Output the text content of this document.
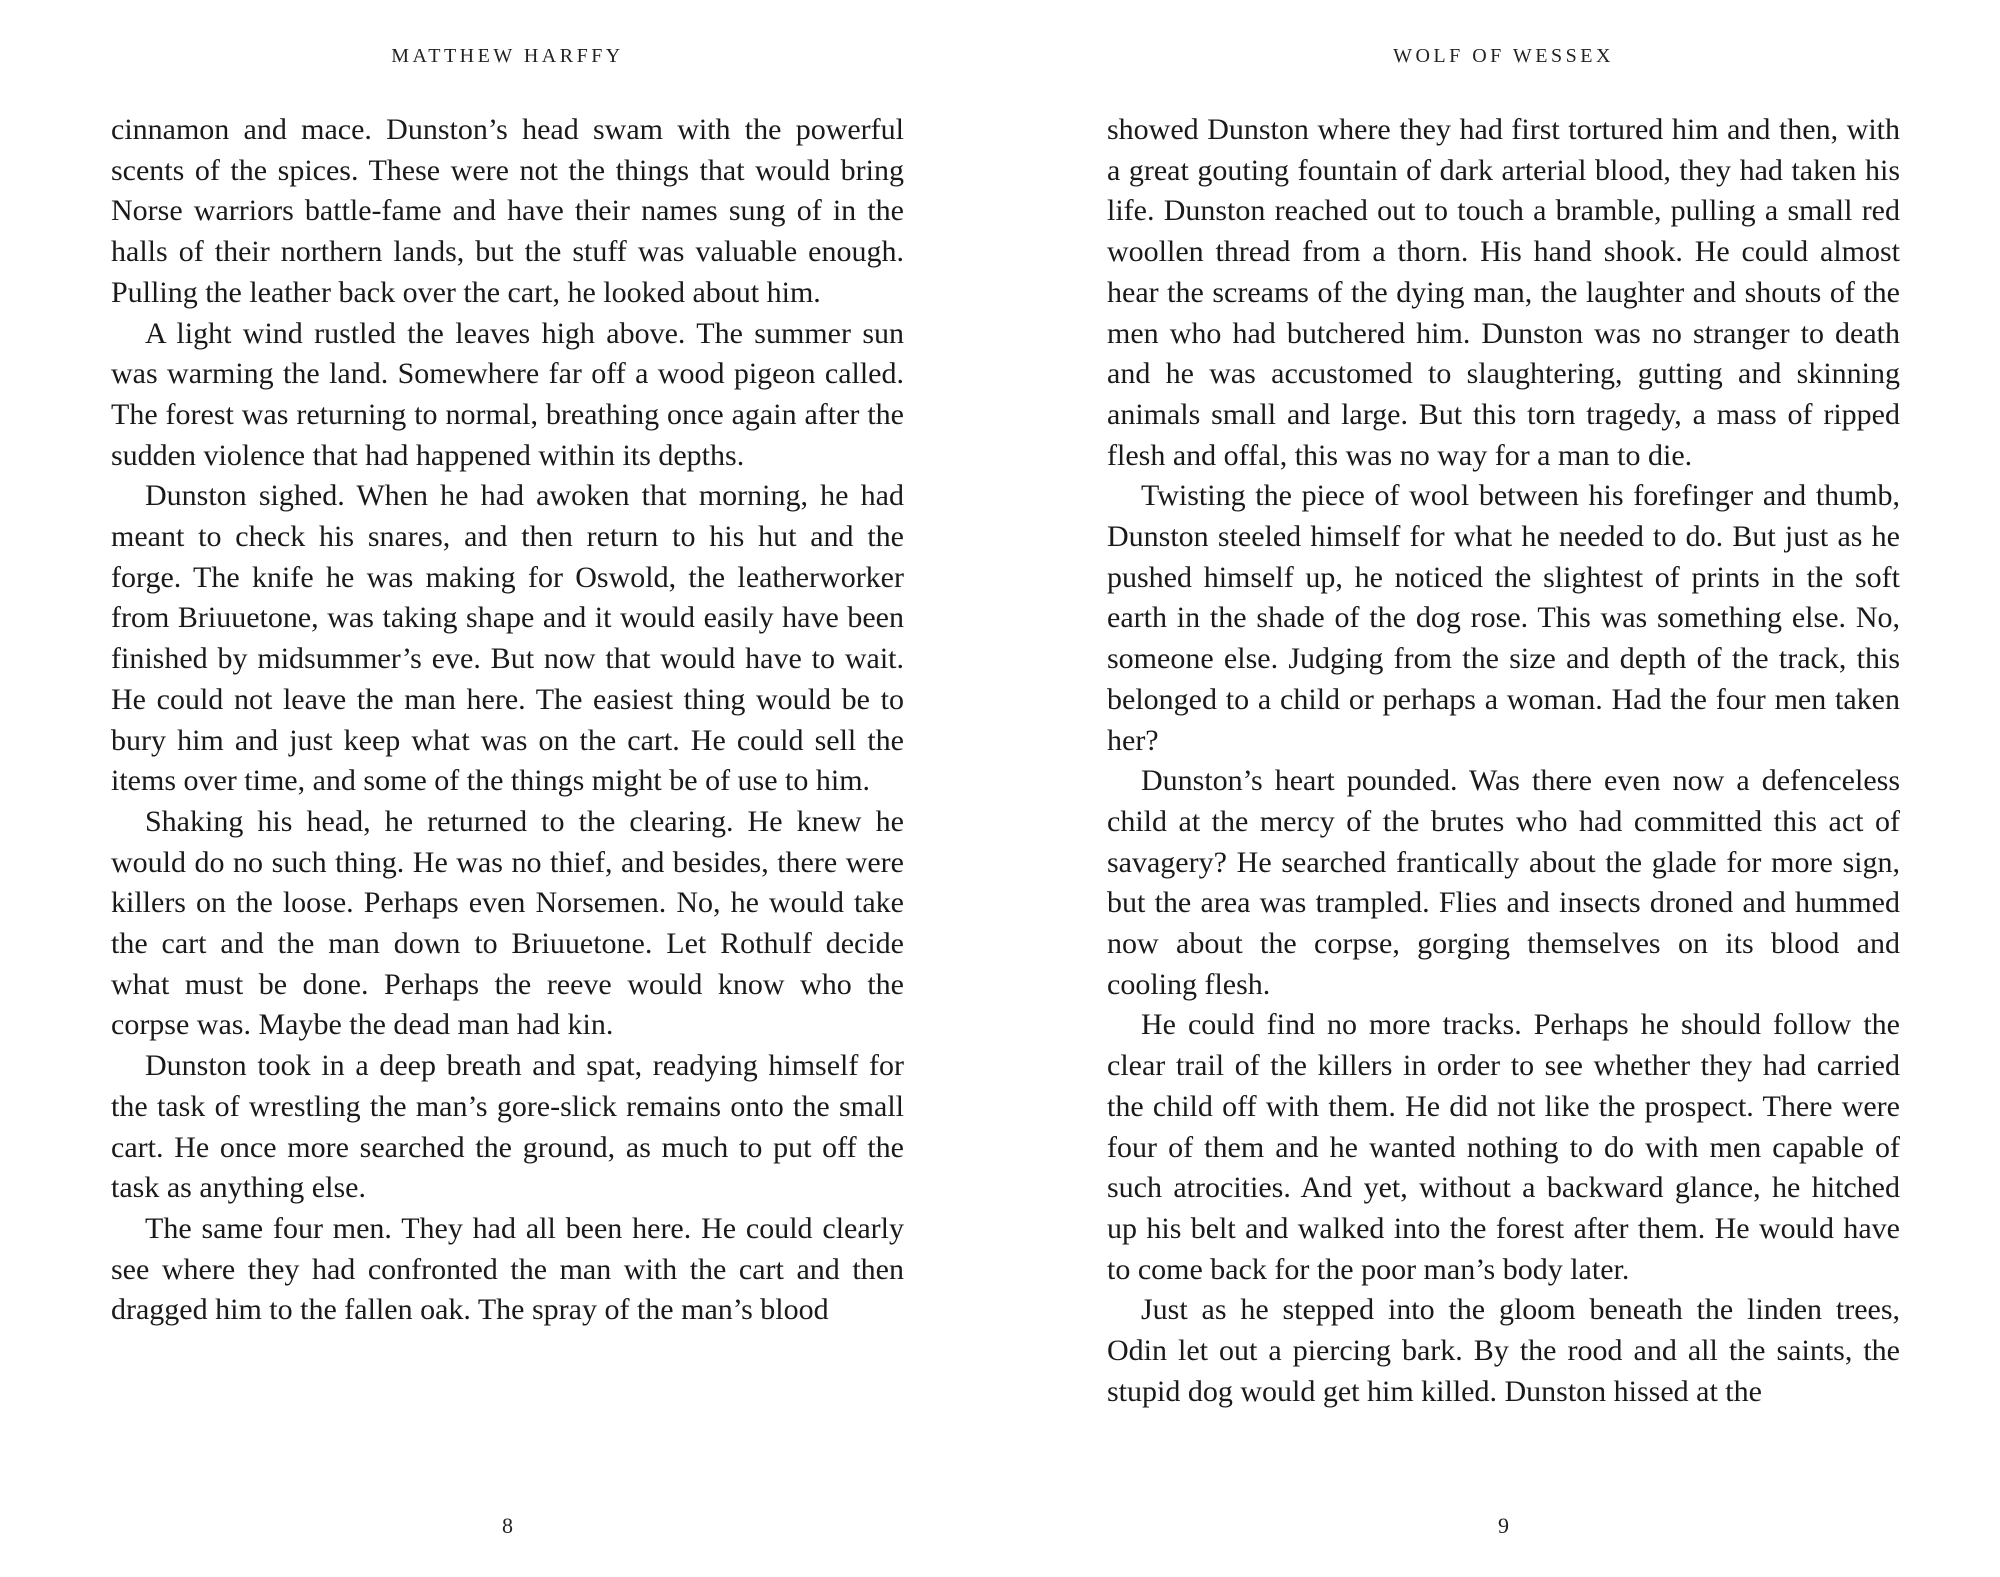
MATTHEW HARFFY

cinnamon and mace. Dunston’s head swam with the powerful scents of the spices. These were not the things that would bring Norse warriors battle-fame and have their names sung of in the halls of their northern lands, but the stuff was valuable enough. Pulling the leather back over the cart, he looked about him.

A light wind rustled the leaves high above. The summer sun was warming the land. Somewhere far off a wood pigeon called. The forest was returning to normal, breathing once again after the sudden violence that had happened within its depths.

Dunston sighed. When he had awoken that morning, he had meant to check his snares, and then return to his hut and the forge. The knife he was making for Oswold, the leatherworker from Briuuetone, was taking shape and it would easily have been finished by midsummer’s eve. But now that would have to wait. He could not leave the man here. The easiest thing would be to bury him and just keep what was on the cart. He could sell the items over time, and some of the things might be of use to him.

Shaking his head, he returned to the clearing. He knew he would do no such thing. He was no thief, and besides, there were killers on the loose. Perhaps even Norsemen. No, he would take the cart and the man down to Briuuetone. Let Rothulf decide what must be done. Perhaps the reeve would know who the corpse was. Maybe the dead man had kin.

Dunston took in a deep breath and spat, readying himself for the task of wrestling the man’s gore-slick remains onto the small cart. He once more searched the ground, as much to put off the task as anything else.

The same four men. They had all been here. He could clearly see where they had confronted the man with the cart and then dragged him to the fallen oak. The spray of the man’s blood

8
WOLF OF WESSEX

showed Dunston where they had first tortured him and then, with a great gouting fountain of dark arterial blood, they had taken his life. Dunston reached out to touch a bramble, pulling a small red woollen thread from a thorn. His hand shook. He could almost hear the screams of the dying man, the laughter and shouts of the men who had butchered him. Dunston was no stranger to death and he was accustomed to slaughtering, gutting and skinning animals small and large. But this torn tragedy, a mass of ripped flesh and offal, this was no way for a man to die.

Twisting the piece of wool between his forefinger and thumb, Dunston steeled himself for what he needed to do. But just as he pushed himself up, he noticed the slightest of prints in the soft earth in the shade of the dog rose. This was something else. No, someone else. Judging from the size and depth of the track, this belonged to a child or perhaps a woman. Had the four men taken her?

Dunston’s heart pounded. Was there even now a defenceless child at the mercy of the brutes who had committed this act of savagery? He searched frantically about the glade for more sign, but the area was trampled. Flies and insects droned and hummed now about the corpse, gorging themselves on its blood and cooling flesh.

He could find no more tracks. Perhaps he should follow the clear trail of the killers in order to see whether they had carried the child off with them. He did not like the prospect. There were four of them and he wanted nothing to do with men capable of such atrocities. And yet, without a backward glance, he hitched up his belt and walked into the forest after them. He would have to come back for the poor man’s body later.

Just as he stepped into the gloom beneath the linden trees, Odin let out a piercing bark. By the rood and all the saints, the stupid dog would get him killed. Dunston hissed at the

9
